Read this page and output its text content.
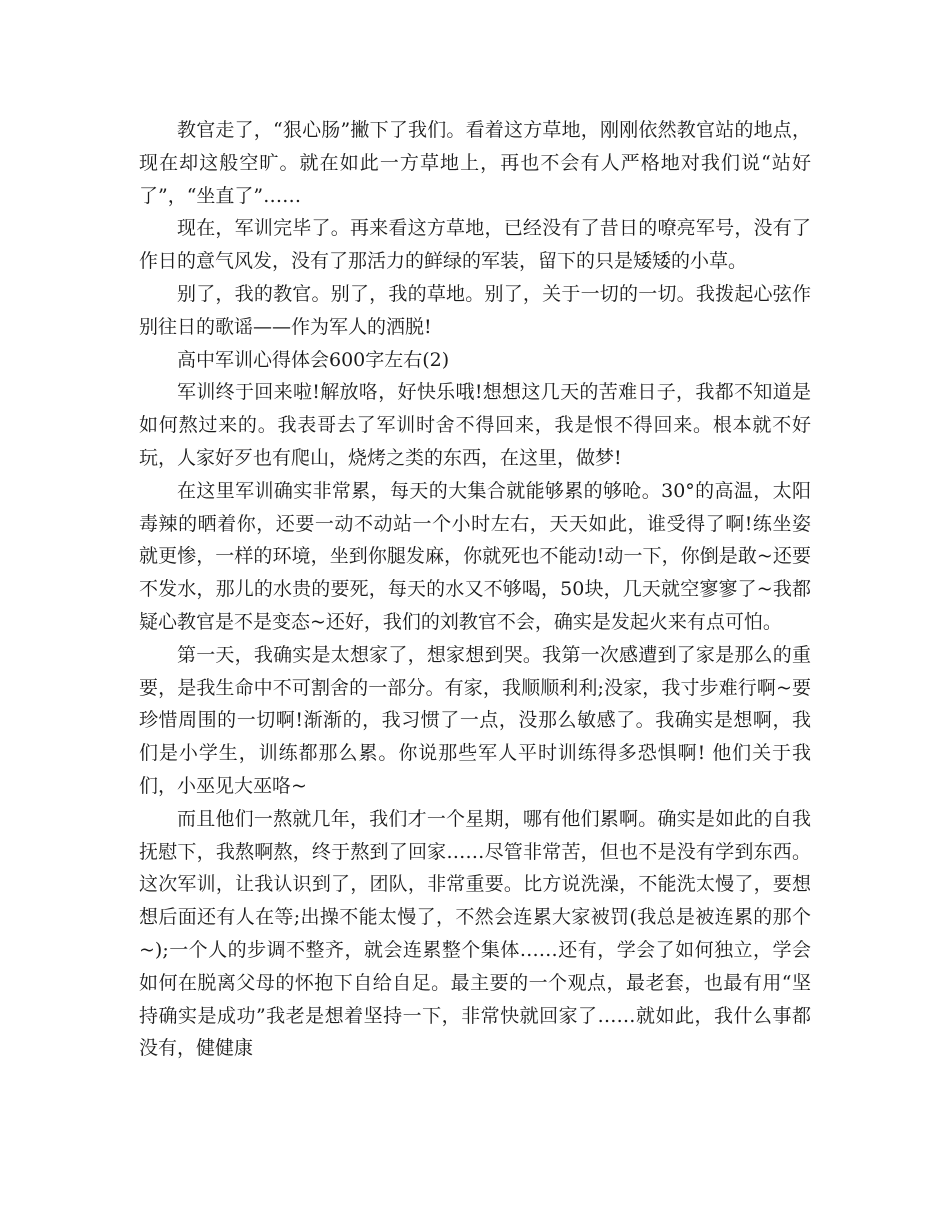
教官走了，“狠心肠”撇下了我们。看着这方草地，刚刚依然教官站的地点，现在却这般空旷。就在如此一方草地上，再也不会有人严格地对我们说“站好了”，“坐直了”……

现在，军训完毕了。再来看这方草地，已经没有了昔日的嘹亮军号，没有了作日的意气风发，没有了那活力的鲜绿的军装，留下的只是矮矮的小草。

别了，我的教官。别了，我的草地。别了，关于一切的一切。我拨起心弦作别往日的歌谣——作为军人的洒脱!

高中军训心得体会600字左右(2)

军训终于回来啦!解放咯，好快乐哦!想想这几天的苦难日子，我都不知道是如何熬过来的。我表哥去了军训时舍不得回来，我是恨不得回来。根本就不好玩，人家好歹也有爬山，烧烤之类的东西，在这里，做梦!

在这里军训确实非常累，每天的大集合就能够累的够呛。30°的高温，太阳毒辣的晒着你，还要一动不动站一个小时左右，天天如此，谁受得了啊!练坐姿就更惨，一样的环境，坐到你腿发麻，你就死也不能动!动一下，你倒是敢~还要不发水，那儿的水贵的要死，每天的水又不够喝，50块，几天就空寥寥了~我都疑心教官是不是变态~还好，我们的刘教官不会，确实是发起火来有点可怕。

第一天，我确实是太想家了，想家想到哭。我第一次感遭到了家是那么的重要，是我生命中不可割舍的一部分。有家，我顺顺利利;没家，我寸步难行啊~要珍惜周围的一切啊!渐渐的，我习惯了一点，没那么敏感了。我确实是想啊，我们是小学生，训练都那么累。你说那些军人平时训练得多恐惧啊! 他们关于我们，小巫见大巫咯~

而且他们一熬就几年，我们才一个星期，哪有他们累啊。确实是如此的自我抚慰下，我熬啊熬，终于熬到了回家……尽管非常苦，但也不是没有学到东西。这次军训，让我认识到了，团队，非常重要。比方说洗澡，不能洗太慢了，要想想后面还有人在等;出操不能太慢了，不然会连累大家被罚(我总是被连累的那个~);一个人的步调不整齐，就会连累整个集体……还有，学会了如何独立，学会如何在脱离父母的怀抱下自给自足。最主要的一个观点，最老套，也最有用“坚持确实是成功”我老是想着坚持一下，非常快就回家了……就如此，我什么事都没有，健健康
